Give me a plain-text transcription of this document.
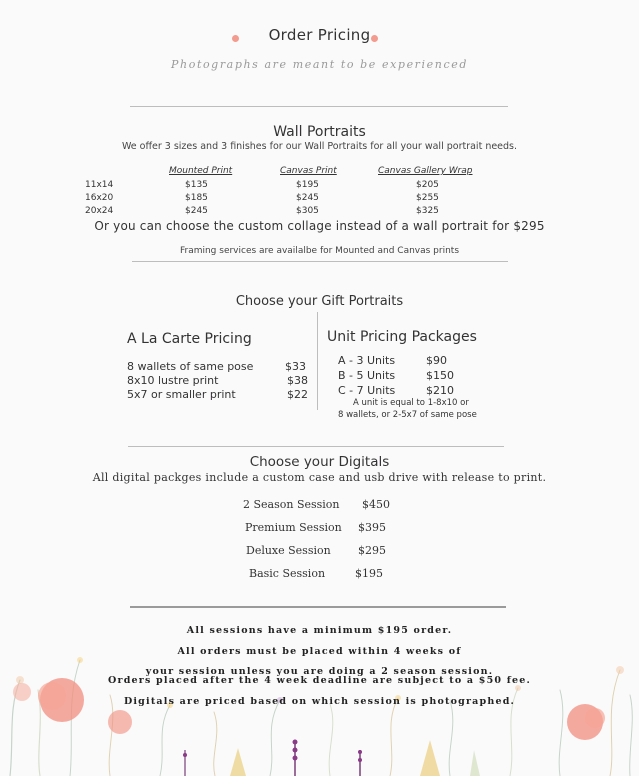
Order Pricing
Photographs are meant to be experienced
Wall Portraits
We offer 3 sizes and 3 finishes for our Wall Portraits for all your wall portrait needs.
Mounted Print	Canvas Print	Canvas Gallery Wrap
11x14	$135	$195	$205
16x20	$185	$245	$255
20x24	$245	$305	$325
Or you can choose the custom collage instead of a wall portrait for $295
Framing services are availalbe for Mounted and Canvas prints
Choose your Gift Portraits
A La Carte Pricing
8 wallets of same pose	$33
8x10 lustre print	$38
5x7 or smaller print	$22
Unit Pricing Packages
A - 3 Units	$90
B - 5 Units	$150
C - 7 Units	$210
A unit is equal to 1-8x10 or
8 wallets, or 2-5x7 of same pose
Choose your Digitals
All digital packges include a custom case and usb drive with release to print.
2 Season Session $450
Premium Session $395
Deluxe Session $295
Basic Session	$195
All sessions have a minimum $195 order.
All orders must be placed within 4 weeks of
your session unless you are doing a 2 season session.
Orders placed after the 4 week deadline are subject to a $50 fee.
Digitals are priced based on which session is photographed.
